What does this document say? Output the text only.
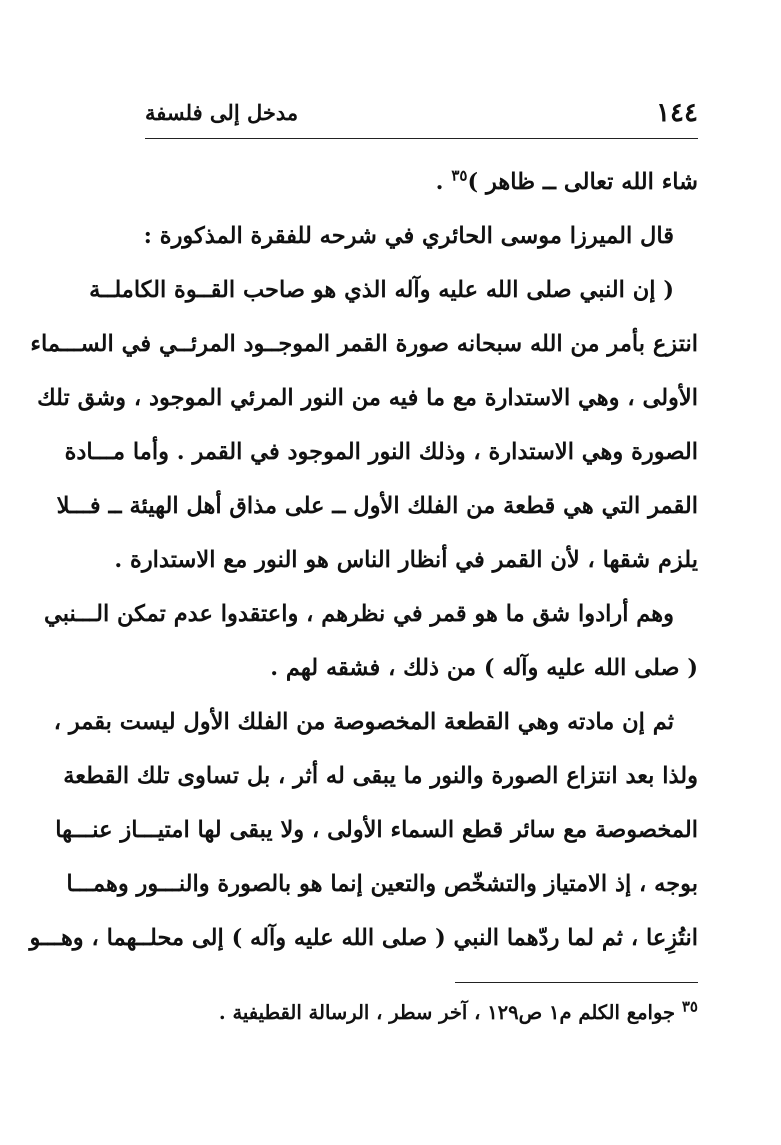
١٤٤
مدخل إلى فلسفة
شاء الله تعالى ــ ظاهر )$^{٣٥}$ .
قال الميرزا موسى الحائري في شرحه للفقرة المذكورة :
( إن النبي صلى الله عليه وآله الذي هو صاحب القــوة الكاملــة
انتزع بأمر من الله سبحانه صورة القمر الموجــود المرئــي في الســـماء
الأولى ، وهي الاستدارة مع ما فيه من النور المرئي الموجود ، وشق تلك
الصورة وهي الاستدارة ، وذلك النور الموجود في القمر . وأما مـــادة
القمر التي هي قطعة من الفلك الأول ــ على مذاق أهل الهيئة ــ فـــلا
يلزم شقها ، لأن القمر في أنظار الناس هو النور مع الاستدارة .
وهم أرادوا شق ما هو قمر في نظرهم ، واعتقدوا عدم تمكن الـــنبي
( صلى الله عليه وآله ) من ذلك ، فشقه لهم .
ثم إن مادته وهي القطعة المخصوصة من الفلك الأول ليست بقمر ،
ولذا بعد انتزاع الصورة والنور ما يبقى له أثر ، بل تساوى تلك القطعة
المخصوصة مع سائر قطع السماء الأولى ، ولا يبقى لها امتيـــاز عنـــها
بوجه ، إذ الامتياز والتشخّص والتعين إنما هو بالصورة والنـــور وهمـــا
انتُزِعا ، ثم لما ردّهما النبي ( صلى الله عليه وآله ) إلى محلــهما ، وهـــو
$^{٣٥}$ جوامع الكلم م١ ص١٢٩ ، آخر سطر ، الرسالة القطيفية .
